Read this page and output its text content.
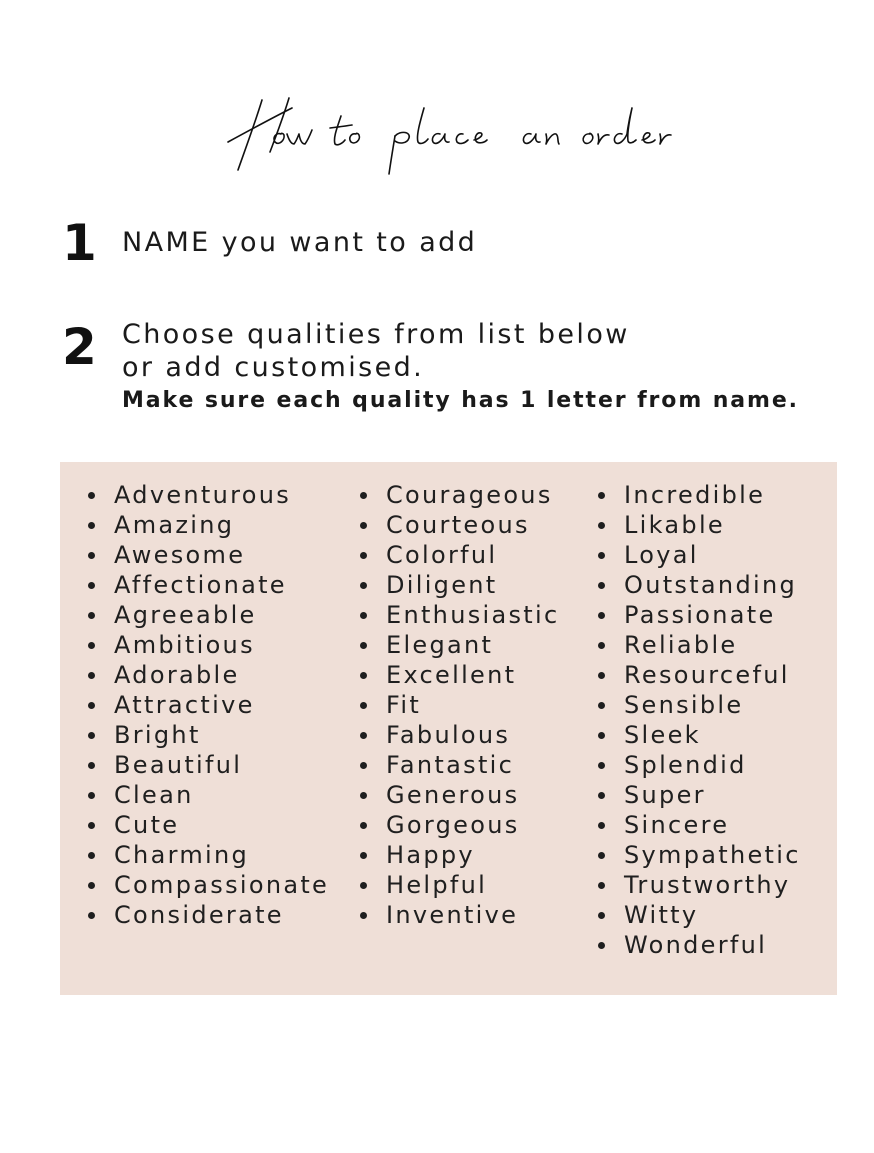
1 NAME you want to add
2 Choose qualities from list below
or add customised.
Make sure each quality has 1 letter from name.
Adventurous
Amazing
Awesome
Affectionate
Agreeable
Ambitious
Adorable
Attractive
Bright
Beautiful
Clean
Cute
Charming
Compassionate
Considerate
Courageous
Courteous
Colorful
Diligent
Enthusiastic
Elegant
Excellent
Fit
Fabulous
Fantastic
Generous
Gorgeous
Happy
Helpful
Inventive
Incredible
Likable
Loyal
Outstanding
Passionate
Reliable
Resourceful
Sensible
Sleek
Splendid
Super
Sincere
Sympathetic
Trustworthy
Witty
Wonderful
